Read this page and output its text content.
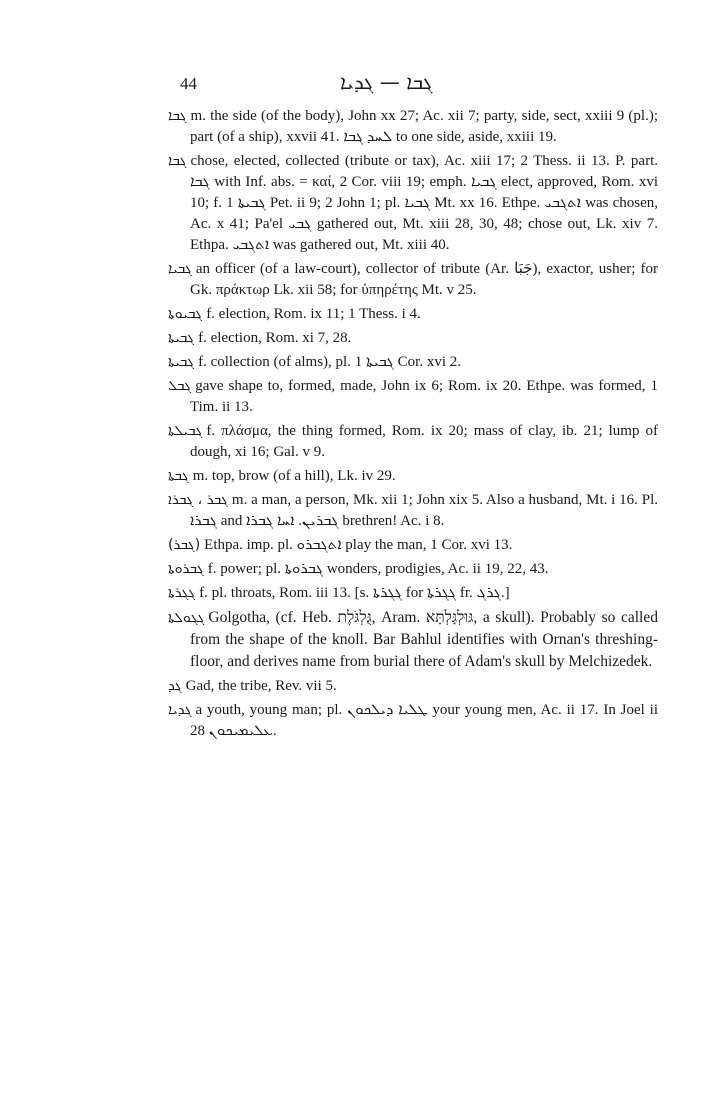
44	ܓܒܐ — ܓܕܝܐ

ܓܒܐ m. the side (of the body), John xx 27; Ac. xii 7; party, side, sect, xxiii 9 (pl.); part (of a ship), xxvii 41. ܠܚܕ ܓܒܐ to one side, aside, xxiii 19.

ܓܒܐ chose, elected, collected (tribute or tax), Ac. xiii 17; 2 Thess. ii 13. P. part. ܓܒܐ with Inf. abs. = καί, 2 Cor. viii 19; emph. ܓܒܝܐ elect, approved, Rom. xvi 10; f. ܓܒܝܬܐ 1 Pet. ii 9; 2 John 1; pl. ܓܒܝܐ Mt. xx 16. Ethpe. ܐܬܓܒܝ was chosen, Ac. x 41; Pa'el ܓܒܝ gathered out, Mt. xiii 28, 30, 48; chose out, Lk. xiv 7. Ethpa. ܐܬܓܒܝ was gathered out, Mt. xiii 40.

ܓܒܝܐ an officer (of a law-court), collector of tribute (Ar. جَبَا), exactor, usher; for Gk. πράκτωρ Lk. xii 58; for ὑπηρέτης Mt. v 25.

ܓܒܝܘܬܐ f. election, Rom. ix 11; 1 Thess. i 4.

ܓܒܝܬܐ f. election, Rom. xi 7, 28.

ܓܒܝܬܐ f. collection (of alms), pl. ܓܒܝܬܐ 1 Cor. xvi 2.

ܓܒܠ gave shape to, formed, made, John ix 6; Rom. ix 20. Ethpe. was formed, 1 Tim. ii 13.

ܓܒܝܠܬܐ f. πλάσμα, the thing formed, Rom. ix 20; mass of clay, ib. 21; lump of dough, xi 16; Gal. v 9.

ܓܒܬܐ m. top, brow (of a hill), Lk. iv 29.

ܓܒܪ ، ܓܒܪܐ m. a man, a person, Mk. xii 1; John xix 5. Also a husband, Mt. i 16. Pl. ܓܒܪܐ and ܓܒܪܝܢ. ܐܚܐ ܓܒܪܐ brethren! Ac. i 8.

(ܓܒܪ) Ethpa. imp. pl. ܐܬܓܒܪܘ play the man, 1 Cor. xvi 13.

ܓܒܪܘܬܐ f. power; pl. ܓܒܪܘܬܐ wonders, prodigies, Ac. ii 19, 22, 43.

ܓܓܪܬܐ f. pl. throats, Rom. iii 13. [s. ܓܓܪܬܐ for ܓܓܪܬܐ fr. ܓܪܓ.]

ܓܓܘܠܬܐ Golgotha, (cf. Heb. גֻּלְגֹּלֶת, Aram. גּוּלְגָּלְתָּא, a skull). Probably so called from the shape of the knoll. Bar Bahlul identifies with Ornan's threshing-floor, and derives name from burial there of Adam's skull by Melchizedek.

ܓܕ Gad, the tribe, Rev. vii 5.

ܓܕܝܐ a youth, young man; pl. ܛܠܝܐ ܕܝܠܟܘܢ your young men, Ac. ii 17. In Joel ii 28 ܥܠܝܡܝܟܘܢ.
